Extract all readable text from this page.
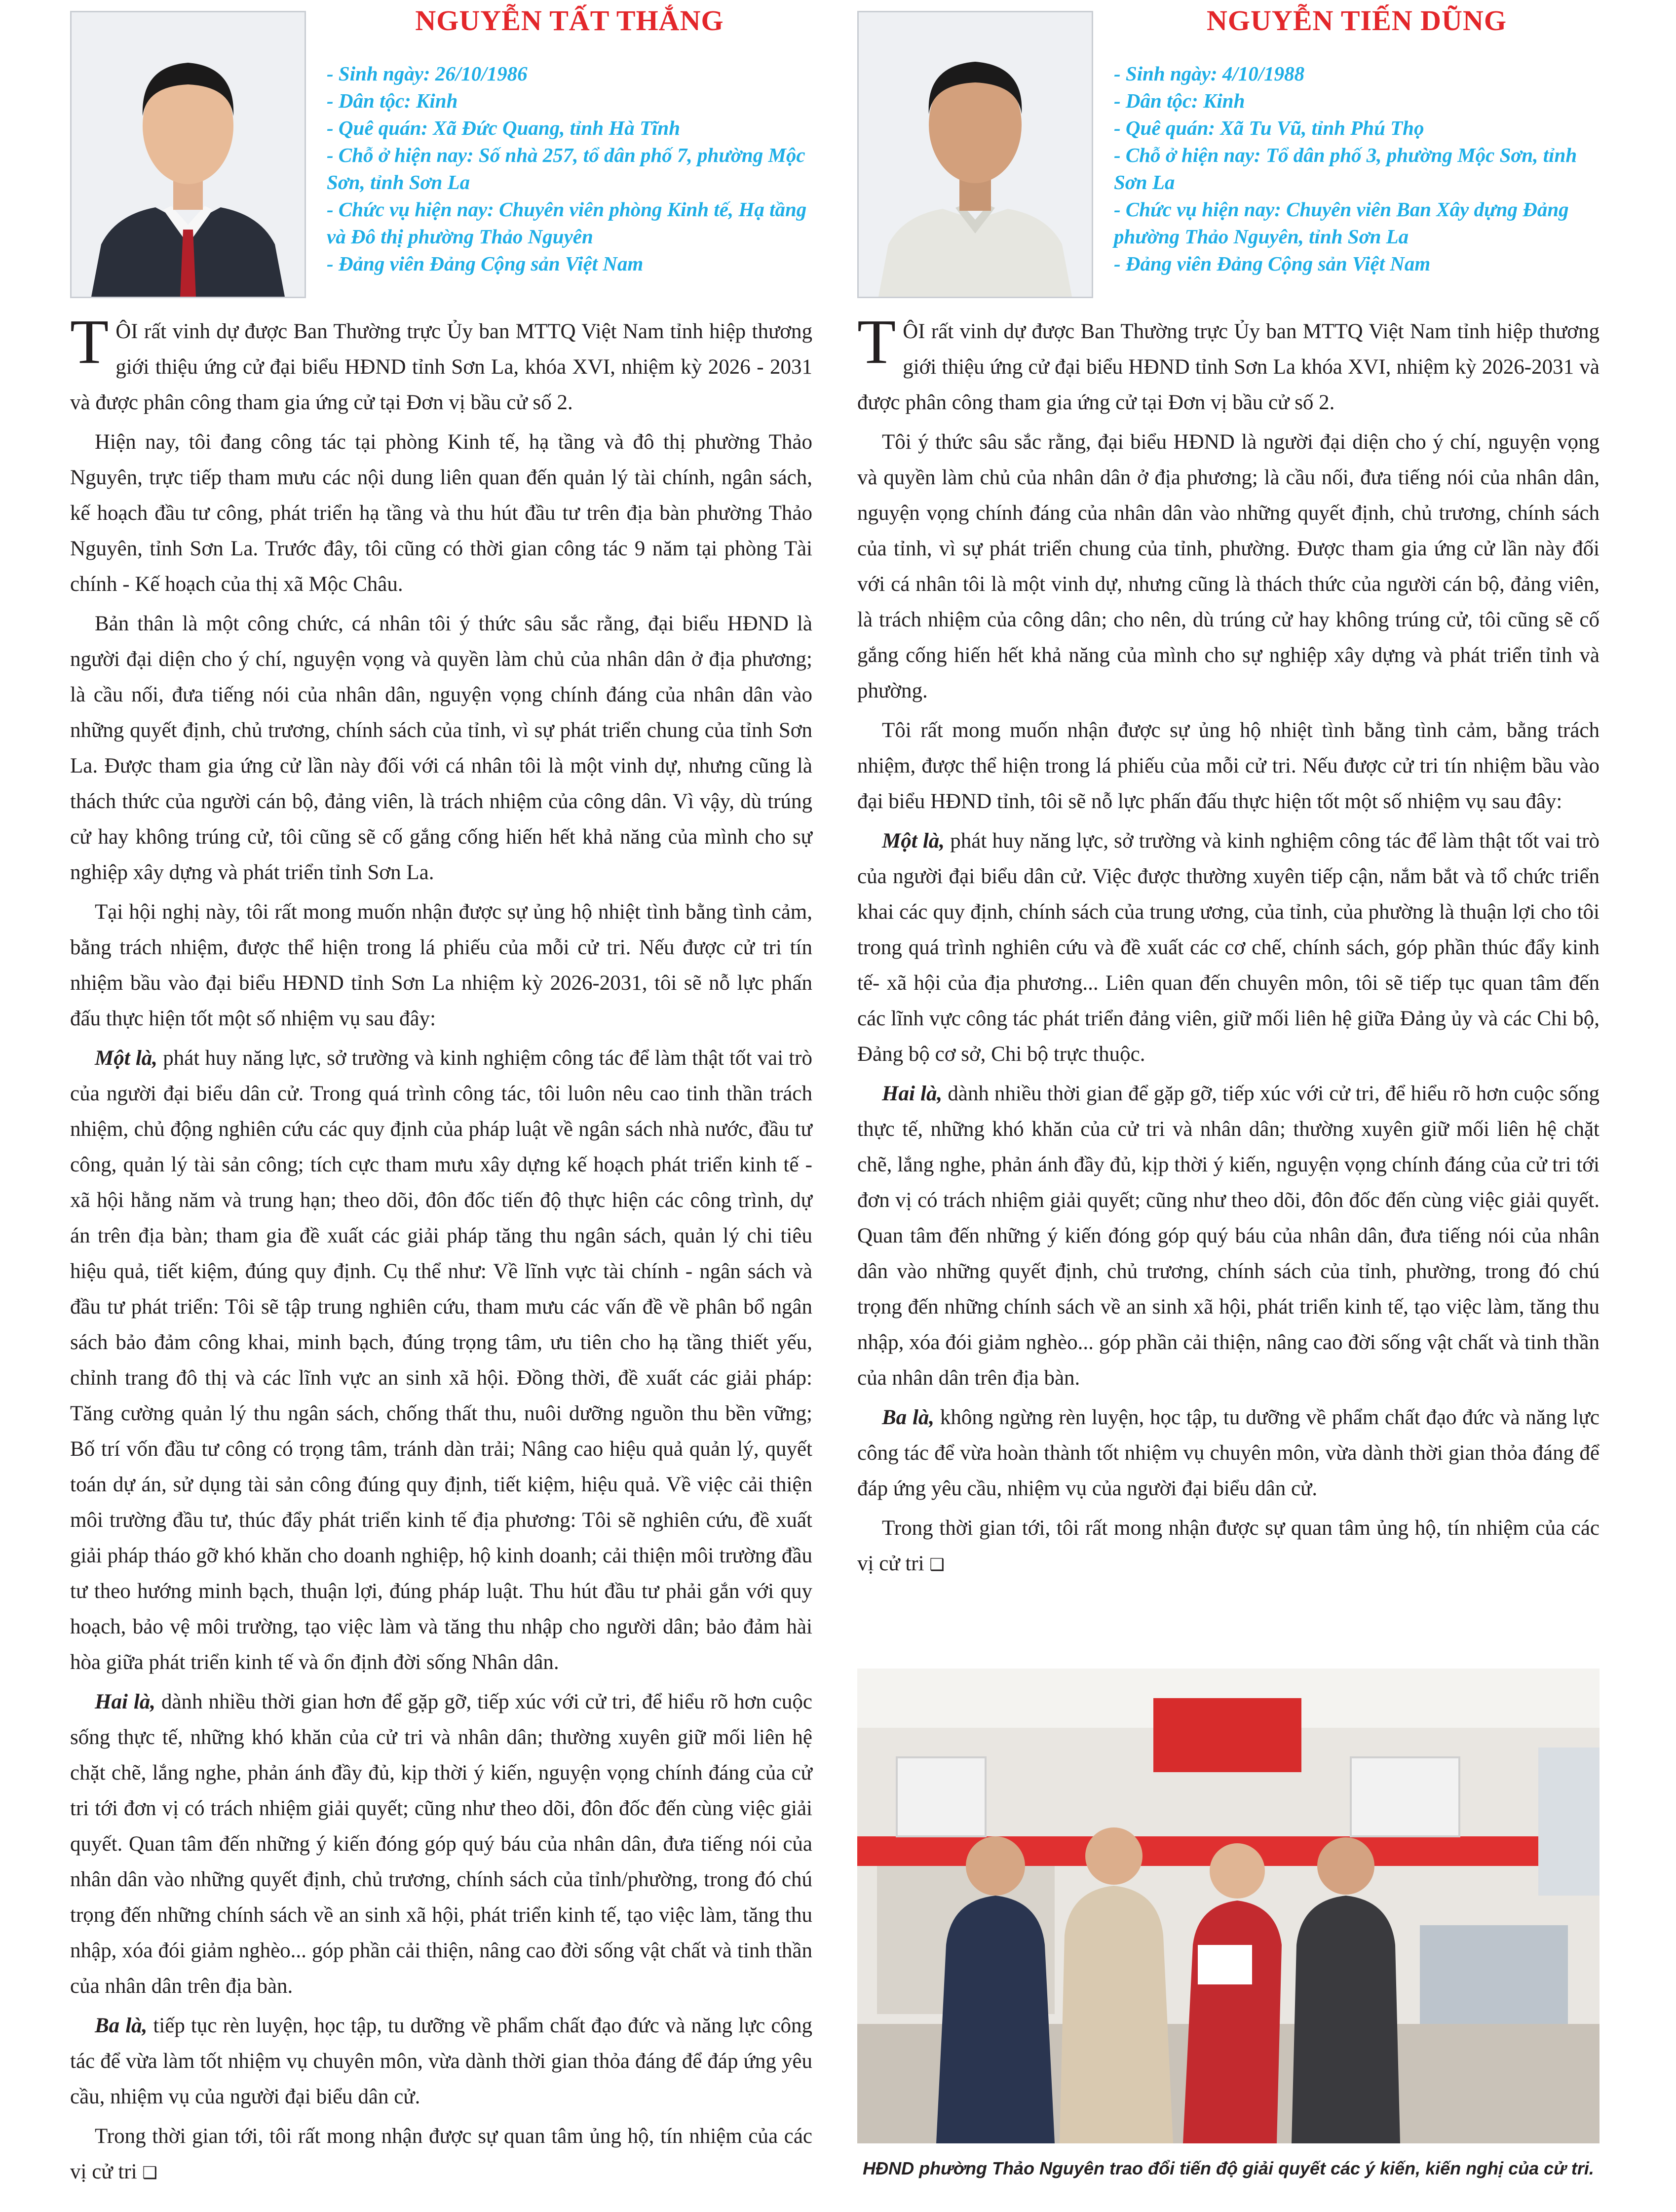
NGUYỄN TẤT THẮNG
- Sinh ngày: 26/10/1986
- Dân tộc: Kinh
- Quê quán: Xã Đức Quang, tỉnh Hà Tĩnh
- Chỗ ở hiện nay: Số nhà 257, tổ dân phố 7, phường Mộc Sơn, tỉnh Sơn La
- Chức vụ hiện nay: Chuyên viên phòng Kinh tế, Hạ tầng và Đô thị phường Thảo Nguyên
- Đảng viên Đảng Cộng sản Việt Nam

TÔI rất vinh dự được Ban Thường trực Ủy ban MTTQ Việt Nam tỉnh hiệp thương giới thiệu ứng cử đại biểu HĐND tỉnh Sơn La, khóa XVI, nhiệm kỳ 2026 - 2031 và được phân công tham gia ứng cử tại Đơn vị bầu cử số 2.

Hiện nay, tôi đang công tác tại phòng Kinh tế, hạ tầng và đô thị phường Thảo Nguyên, trực tiếp tham mưu các nội dung liên quan đến quản lý tài chính, ngân sách, kế hoạch đầu tư công, phát triển hạ tầng và thu hút đầu tư trên địa bàn phường Thảo Nguyên, tỉnh Sơn La. Trước đây, tôi cũng có thời gian công tác 9 năm tại phòng Tài chính - Kế hoạch của thị xã Mộc Châu.

Bản thân là một công chức, cá nhân tôi ý thức sâu sắc rằng, đại biểu HĐND là người đại diện cho ý chí, nguyện vọng và quyền làm chủ của nhân dân ở địa phương; là cầu nối, đưa tiếng nói của nhân dân, nguyện vọng chính đáng của nhân dân vào những quyết định, chủ trương, chính sách của tỉnh, vì sự phát triển chung của tỉnh Sơn La. Được tham gia ứng cử lần này đối với cá nhân tôi là một vinh dự, nhưng cũng là thách thức của người cán bộ, đảng viên, là trách nhiệm của công dân. Vì vậy, dù trúng cử hay không trúng cử, tôi cũng sẽ cố gắng cống hiến hết khả năng của mình cho sự nghiệp xây dựng và phát triển tỉnh Sơn La.

Tại hội nghị này, tôi rất mong muốn nhận được sự ủng hộ nhiệt tình bằng tình cảm, bằng trách nhiệm, được thể hiện trong lá phiếu của mỗi cử tri. Nếu được cử tri tín nhiệm bầu vào đại biểu HĐND tỉnh Sơn La nhiệm kỳ 2026-2031, tôi sẽ nỗ lực phấn đấu thực hiện tốt một số nhiệm vụ sau đây:

Một là, phát huy năng lực, sở trường và kinh nghiệm công tác để làm thật tốt vai trò của người đại biểu dân cử. Trong quá trình công tác, tôi luôn nêu cao tinh thần trách nhiệm, chủ động nghiên cứu các quy định của pháp luật về ngân sách nhà nước, đầu tư công, quản lý tài sản công; tích cực tham mưu xây dựng kế hoạch phát triển kinh tế - xã hội hằng năm và trung hạn; theo dõi, đôn đốc tiến độ thực hiện các công trình, dự án trên địa bàn; tham gia đề xuất các giải pháp tăng thu ngân sách, quản lý chi tiêu hiệu quả, tiết kiệm, đúng quy định. Cụ thể như: Về lĩnh vực tài chính - ngân sách và đầu tư phát triển: Tôi sẽ tập trung nghiên cứu, tham mưu các vấn đề về phân bổ ngân sách bảo đảm công khai, minh bạch, đúng trọng tâm, ưu tiên cho hạ tầng thiết yếu, chỉnh trang đô thị và các lĩnh vực an sinh xã hội. Đồng thời, đề xuất các giải pháp: Tăng cường quản lý thu ngân sách, chống thất thu, nuôi dưỡng nguồn thu bền vững; Bố trí vốn đầu tư công có trọng tâm, tránh dàn trải; Nâng cao hiệu quả quản lý, quyết toán dự án, sử dụng tài sản công đúng quy định, tiết kiệm, hiệu quả. Về việc cải thiện môi trường đầu tư, thúc đẩy phát triển kinh tế địa phương: Tôi sẽ nghiên cứu, đề xuất giải pháp tháo gỡ khó khăn cho doanh nghiệp, hộ kinh doanh; cải thiện môi trường đầu tư theo hướng minh bạch, thuận lợi, đúng pháp luật. Thu hút đầu tư phải gắn với quy hoạch, bảo vệ môi trường, tạo việc làm và tăng thu nhập cho người dân; bảo đảm hài hòa giữa phát triển kinh tế và ổn định đời sống Nhân dân.

Hai là, dành nhiều thời gian hơn để gặp gỡ, tiếp xúc với cử tri, để hiểu rõ hơn cuộc sống thực tế, những khó khăn của cử tri và nhân dân; thường xuyên giữ mối liên hệ chặt chẽ, lắng nghe, phản ánh đầy đủ, kịp thời ý kiến, nguyện vọng chính đáng của cử tri tới đơn vị có trách nhiệm giải quyết; cũng như theo dõi, đôn đốc đến cùng việc giải quyết. Quan tâm đến những ý kiến đóng góp quý báu của nhân dân, đưa tiếng nói của nhân dân vào những quyết định, chủ trương, chính sách của tỉnh/phường, trong đó chú trọng đến những chính sách về an sinh xã hội, phát triển kinh tế, tạo việc làm, tăng thu nhập, xóa đói giảm nghèo... góp phần cải thiện, nâng cao đời sống vật chất và tinh thần của nhân dân trên địa bàn.

Ba là, tiếp tục rèn luyện, học tập, tu dưỡng về phẩm chất đạo đức và năng lực công tác để vừa làm tốt nhiệm vụ chuyên môn, vừa dành thời gian thỏa đáng để đáp ứng yêu cầu, nhiệm vụ của người đại biểu dân cử.

Trong thời gian tới, tôi rất mong nhận được sự quan tâm ủng hộ, tín nhiệm của các vị cử tri ❑

NGUYỄN TIẾN DŨNG
- Sinh ngày: 4/10/1988
- Dân tộc: Kinh
- Quê quán: Xã Tu Vũ, tỉnh Phú Thọ
- Chỗ ở hiện nay: Tổ dân phố 3, phường Mộc Sơn, tỉnh Sơn La
- Chức vụ hiện nay: Chuyên viên Ban Xây dựng Đảng phường Thảo Nguyên, tỉnh Sơn La
- Đảng viên Đảng Cộng sản Việt Nam

TÔI rất vinh dự được Ban Thường trực Ủy ban MTTQ Việt Nam tỉnh hiệp thương giới thiệu ứng cử đại biểu HĐND tỉnh Sơn La khóa XVI, nhiệm kỳ 2026-2031 và được phân công tham gia ứng cử tại Đơn vị bầu cử số 2.

Tôi ý thức sâu sắc rằng, đại biểu HĐND là người đại diện cho ý chí, nguyện vọng và quyền làm chủ của nhân dân ở địa phương; là cầu nối, đưa tiếng nói của nhân dân, nguyện vọng chính đáng của nhân dân vào những quyết định, chủ trương, chính sách của tỉnh, vì sự phát triển chung của tỉnh, phường. Được tham gia ứng cử lần này đối với cá nhân tôi là một vinh dự, nhưng cũng là thách thức của người cán bộ, đảng viên, là trách nhiệm của công dân; cho nên, dù trúng cử hay không trúng cử, tôi cũng sẽ cố gắng cống hiến hết khả năng của mình cho sự nghiệp xây dựng và phát triển tỉnh và phường.

Tôi rất mong muốn nhận được sự ủng hộ nhiệt tình bằng tình cảm, bằng trách nhiệm, được thể hiện trong lá phiếu của mỗi cử tri. Nếu được cử tri tín nhiệm bầu vào đại biểu HĐND tỉnh, tôi sẽ nỗ lực phấn đấu thực hiện tốt một số nhiệm vụ sau đây:

Một là, phát huy năng lực, sở trường và kinh nghiệm công tác để làm thật tốt vai trò của người đại biểu dân cử. Việc được thường xuyên tiếp cận, nắm bắt và tổ chức triển khai các quy định, chính sách của trung ương, của tỉnh, của phường là thuận lợi cho tôi trong quá trình nghiên cứu và đề xuất các cơ chế, chính sách, góp phần thúc đẩy kinh tế- xã hội của địa phương... Liên quan đến chuyên môn, tôi sẽ tiếp tục quan tâm đến các lĩnh vực công tác phát triển đảng viên, giữ mối liên hệ giữa Đảng ủy và các Chi bộ, Đảng bộ cơ sở, Chi bộ trực thuộc.

Hai là, dành nhiều thời gian để gặp gỡ, tiếp xúc với cử tri, để hiểu rõ hơn cuộc sống thực tế, những khó khăn của cử tri và nhân dân; thường xuyên giữ mối liên hệ chặt chẽ, lắng nghe, phản ánh đầy đủ, kịp thời ý kiến, nguyện vọng chính đáng của cử tri tới đơn vị có trách nhiệm giải quyết; cũng như theo dõi, đôn đốc đến cùng việc giải quyết. Quan tâm đến những ý kiến đóng góp quý báu của nhân dân, đưa tiếng nói của nhân dân vào những quyết định, chủ trương, chính sách của tỉnh, phường, trong đó chú trọng đến những chính sách về an sinh xã hội, phát triển kinh tế, tạo việc làm, tăng thu nhập, xóa đói giảm nghèo... góp phần cải thiện, nâng cao đời sống vật chất và tinh thần của nhân dân trên địa bàn.

Ba là, không ngừng rèn luyện, học tập, tu dưỡng về phẩm chất đạo đức và năng lực công tác để vừa hoàn thành tốt nhiệm vụ chuyên môn, vừa dành thời gian thỏa đáng để đáp ứng yêu cầu, nhiệm vụ của người đại biểu dân cử.

Trong thời gian tới, tôi rất mong nhận được sự quan tâm ủng hộ, tín nhiệm của các vị cử tri ❑

HĐND phường Thảo Nguyên trao đổi tiến độ giải quyết các ý kiến, kiến nghị của cử tri.
